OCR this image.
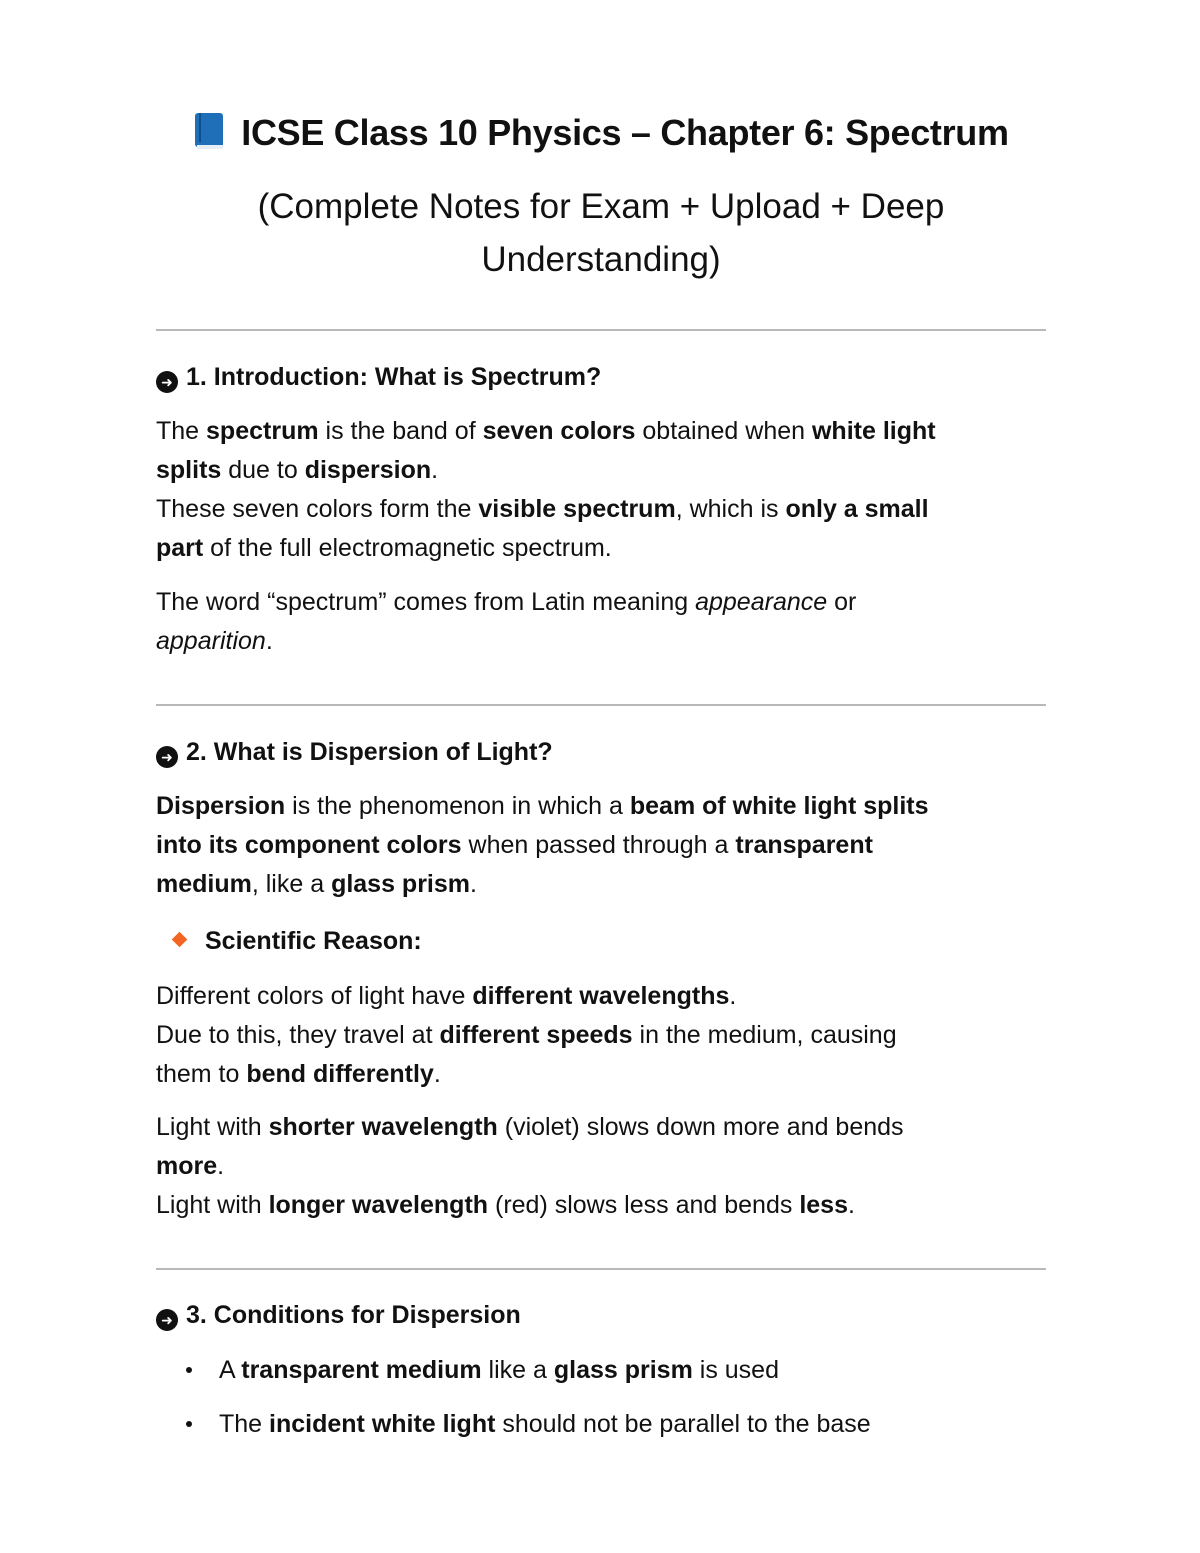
ICSE Class 10 Physics – Chapter 6: Spectrum
(Complete Notes for Exam + Upload + Deep
Understanding)
➜ 1. Introduction: What is Spectrum?
The spectrum is the band of seven colors obtained when white light
splits due to dispersion.
These seven colors form the visible spectrum, which is only a small
part of the full electromagnetic spectrum.
The word “spectrum” comes from Latin meaning appearance or
apparition.
➜ 2. What is Dispersion of Light?
Dispersion is the phenomenon in which a beam of white light splits
into its component colors when passed through a transparent
medium, like a glass prism.
Scientific Reason:
Different colors of light have different wavelengths.
Due to this, they travel at different speeds in the medium, causing
them to bend differently.
Light with shorter wavelength (violet) slows down more and bends
more.
Light with longer wavelength (red) slows less and bends less.
➜ 3. Conditions for Dispersion
A transparent medium like a glass prism is used
The incident white light should not be parallel to the base
